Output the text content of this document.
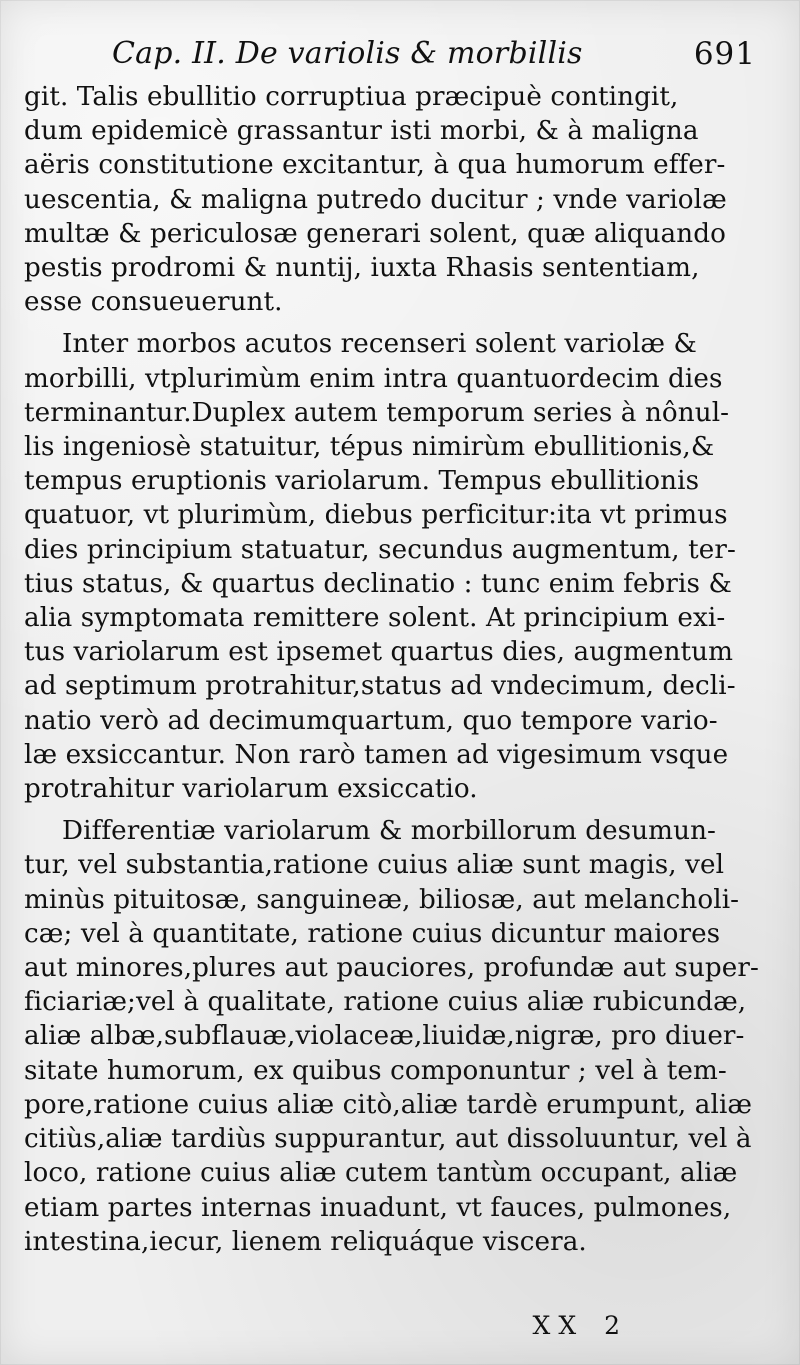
Cap. II. De variolis & morbillis	691
git. Talis ebullitio corruptiua præcipuè contingit,
dum epidemicè grassantur isti morbi, & à maligna
aëris constitutione excitantur, à qua humorum effer-
uescentia, & maligna putredo ducitur ; vnde variolæ
multæ & periculosæ generari solent, quæ aliquando
pestis prodromi & nuntij, iuxta Rhasis sententiam,
esse consueuerunt.
Inter morbos acutos recenseri solent variolæ &
morbilli, vtplurimùm enim intra quantuordecim dies
terminantur.Duplex autem temporum series à nônul-
lis ingeniosè statuitur, tépus nimirùm ebullitionis,&
tempus eruptionis variolarum. Tempus ebullitionis
quatuor, vt plurimùm, diebus perficitur:ita vt primus
dies principium statuatur, secundus augmentum, ter-
tius status, & quartus declinatio : tunc enim febris &
alia symptomata remittere solent. At principium exi-
tus variolarum est ipsemet quartus dies, augmentum
ad septimum protrahitur,status ad vndecimum, decli-
natio verò ad decimumquartum, quo tempore vario-
læ exsiccantur. Non rarò tamen ad vigesimum vsque
protrahitur variolarum exsiccatio.
Differentiæ variolarum & morbillorum desumun-
tur, vel substantia,ratione cuius aliæ sunt magis, vel
minùs pituitosæ, sanguineæ, biliosæ, aut melancholi-
cæ; vel à quantitate, ratione cuius dicuntur maiores
aut minores,plures aut pauciores, profundæ aut super-
ficiariæ;vel à qualitate, ratione cuius aliæ rubicundæ,
aliæ albæ,subflauæ,violaceæ,liuidæ,nigræ, pro diuer-
sitate humorum, ex quibus componuntur ; vel à tem-
pore,ratione cuius aliæ citò,aliæ tardè erumpunt, aliæ
citiùs,aliæ tardiùs suppurantur, aut dissoluuntur, vel à
loco, ratione cuius aliæ cutem tantùm occupant, aliæ
etiam partes internas inuadunt, vt fauces, pulmones,
intestina,iecur, lienem reliquáque viscera.
XX 2
